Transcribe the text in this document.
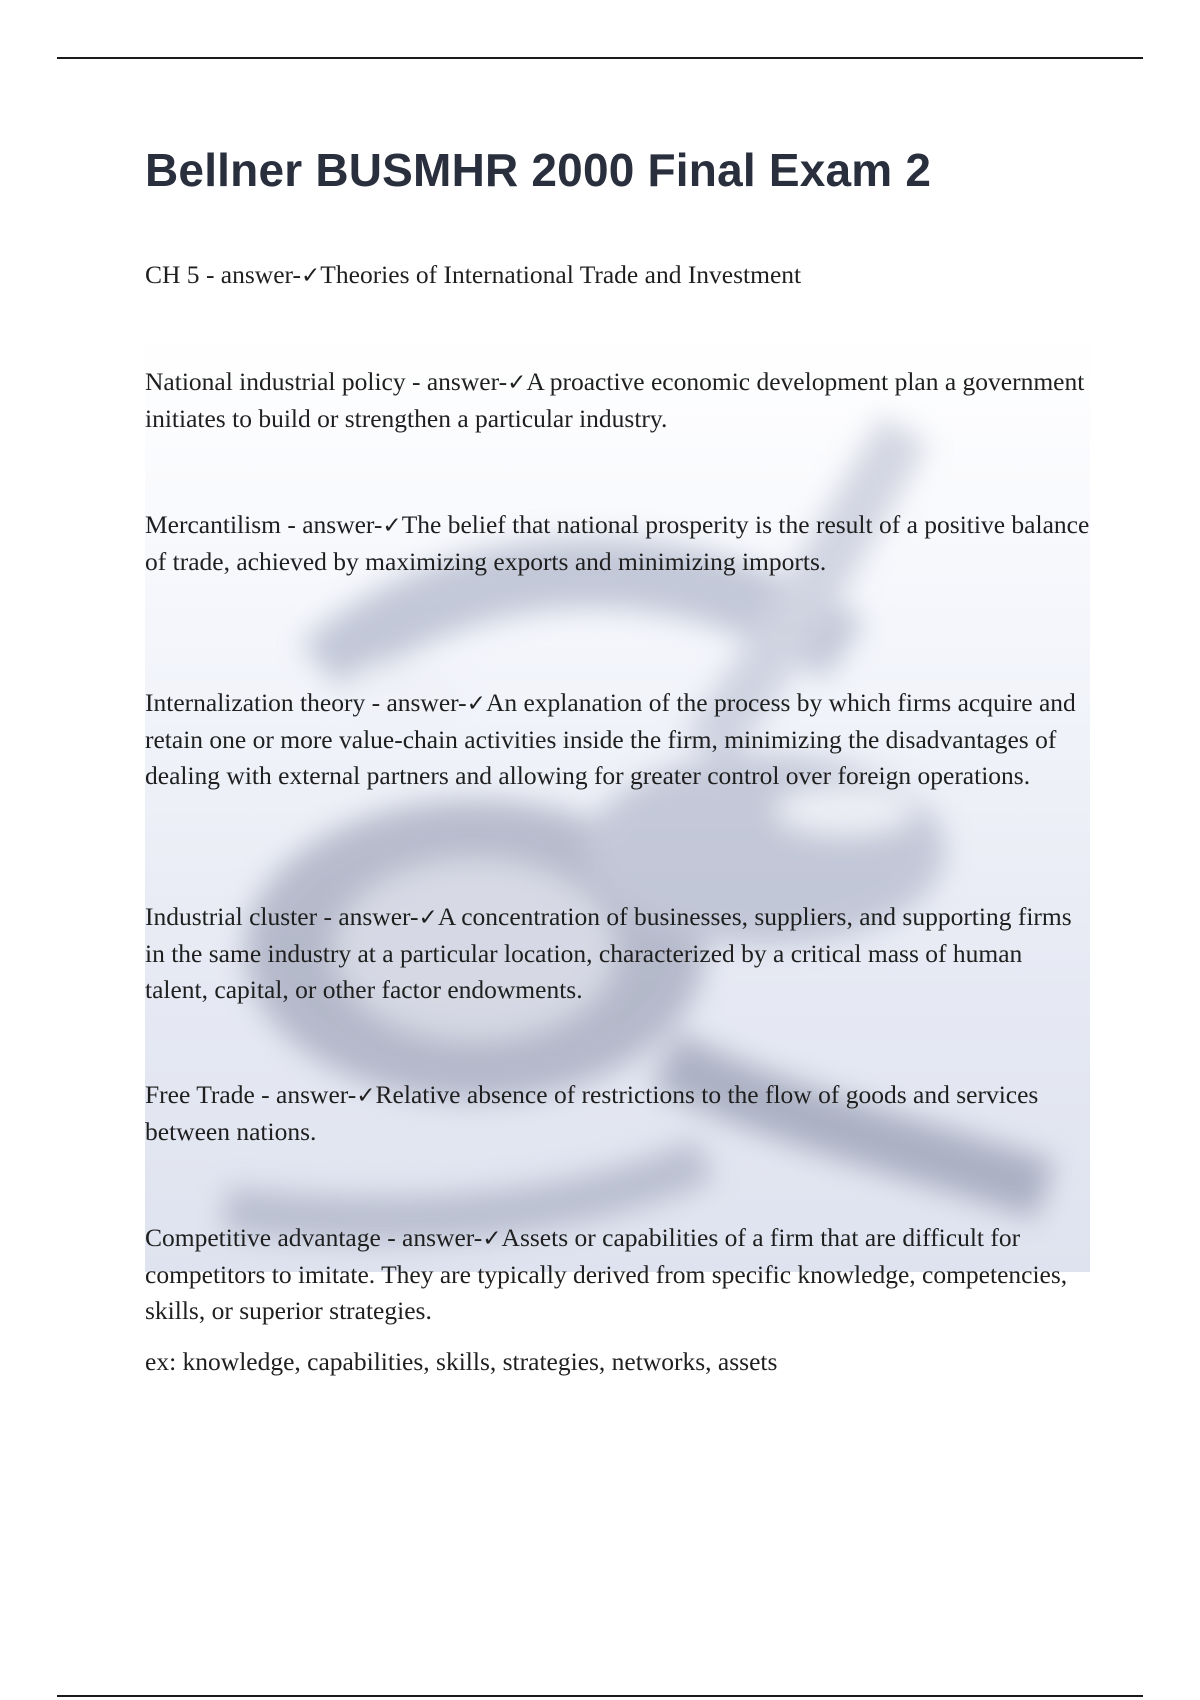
Bellner BUSMHR 2000 Final Exam 2

CH 5 - answer-✓Theories of International Trade and Investment

National industrial policy - answer-✓A proactive economic development plan a government initiates to build or strengthen a particular industry.

Mercantilism - answer-✓The belief that national prosperity is the result of a positive balance of trade, achieved by maximizing exports and minimizing imports.

Internalization theory - answer-✓An explanation of the process by which firms acquire and retain one or more value-chain activities inside the firm, minimizing the disadvantages of dealing with external partners and allowing for greater control over foreign operations.

Industrial cluster - answer-✓A concentration of businesses, suppliers, and supporting firms in the same industry at a particular location, characterized by a critical mass of human talent, capital, or other factor endowments.

Free Trade - answer-✓Relative absence of restrictions to the flow of goods and services between nations.

Competitive advantage - answer-✓Assets or capabilities of a firm that are difficult for competitors to imitate. They are typically derived from specific knowledge, competencies, skills, or superior strategies.

ex: knowledge, capabilities, skills, strategies, networks, assets
